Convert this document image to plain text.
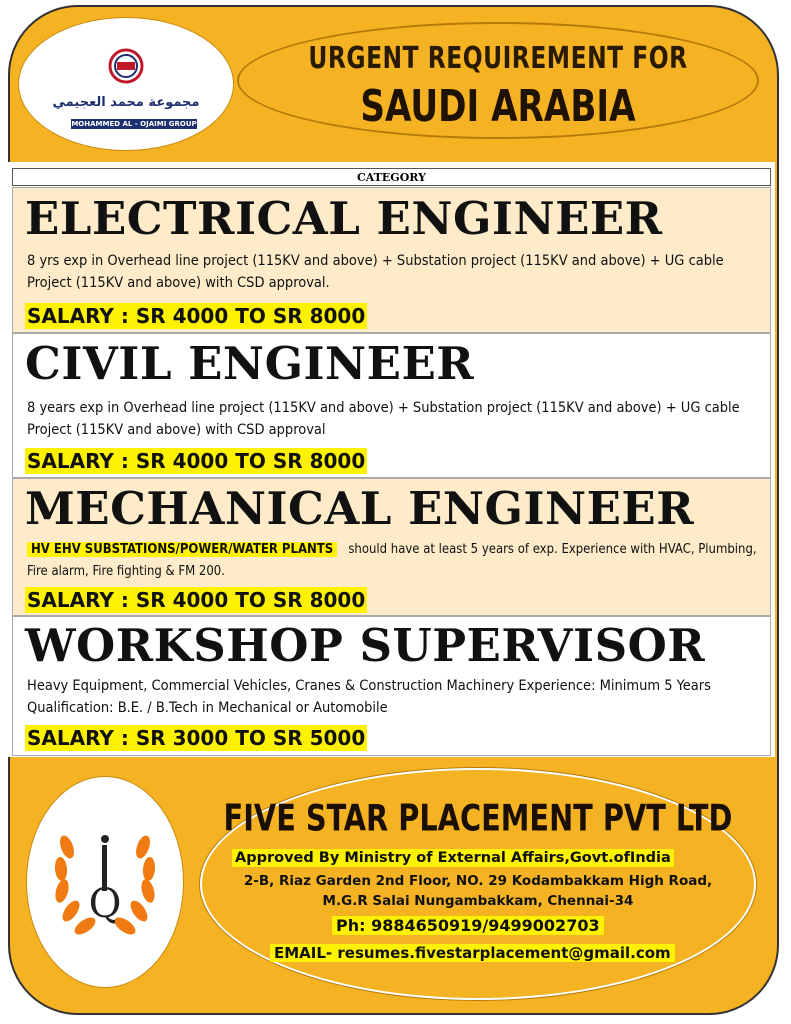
مجموعة محمد العجيمي
MOHAMMED AL - OJAIMI GROUP
URGENT REQUIREMENT FOR
SAUDI ARABIA
CATEGORY
ELECTRICAL ENGINEER
8 yrs exp in Overhead line project (115KV and above) + Substation project (115KV and above) + UG cable Project (115KV and above) with CSD approval.
SALARY : SR 4000 TO SR 8000
CIVIL ENGINEER
8 years exp in Overhead line project (115KV and above) + Substation project (115KV and above) + UG cable Project (115KV and above) with CSD approval
SALARY : SR 4000 TO SR 8000
MECHANICAL ENGINEER
HV EHV SUBSTATIONS/POWER/WATER PLANTS should have at least 5 years of exp. Experience with HVAC, Plumbing, Fire alarm, Fire fighting & FM 200.
SALARY : SR 4000 TO SR 8000
WORKSHOP SUPERVISOR
Heavy Equipment, Commercial Vehicles, Cranes & Construction Machinery Experience: Minimum 5 Years Qualification: B.E. / B.Tech in Mechanical or Automobile
SALARY : SR 3000 TO SR 5000
Q
FIVE STAR PLACEMENT PVT LTD
Approved By Ministry of External Affairs,Govt.ofIndia
2-B, Riaz Garden 2nd Floor, NO. 29 Kodambakkam High Road,
M.G.R Salai Nungambakkam, Chennai-34
Ph: 9884650919/9499002703
EMAIL- resumes.fivestarplacement@gmail.com
